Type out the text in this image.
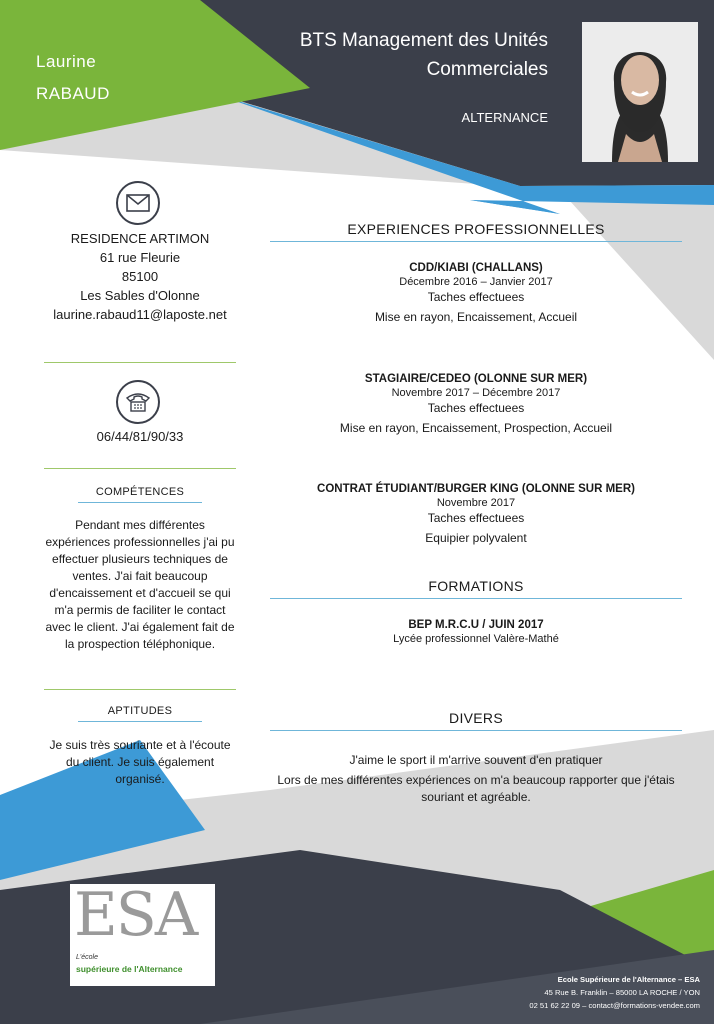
Laurine
RABAUD
BTS Management des Unités
Commerciales
ALTERNANCE
RESIDENCE ARTIMON
61 rue Fleurie
85100
Les Sables d'Olonne
laurine.rabaud11@laposte.net
06/44/81/90/33
COMPÉTENCES
Pendant mes différentes expériences professionnelles j'ai pu effectuer plusieurs techniques de ventes. J'ai fait beaucoup d'encaissement et d'accueil se qui m'a permis de faciliter le contact avec le client. J'ai également fait de la prospection téléphonique.
APTITUDES
Je suis très souriante et à l'écoute du client. Je suis également organisé.
EXPERIENCES PROFESSIONNELLES
CDD/KIABI (CHALLANS)
Décembre 2016 – Janvier 2017
Taches effectuees
Mise en rayon, Encaissement, Accueil
STAGIAIRE/CEDEO (OLONNE SUR MER)
Novembre 2017 – Décembre 2017
Taches effectuees
Mise en rayon, Encaissement, Prospection, Accueil
CONTRAT ÉTUDIANT/BURGER KING (OLONNE SUR MER)
Novembre 2017
Taches effectuees
Equipier polyvalent
FORMATIONS
BEP M.R.C.U / JUIN 2017
Lycée professionnel Valère-Mathé
DIVERS
J'aime le sport il m'arrive souvent d'en pratiquer
Lors de mes différentes expériences on m'a beaucoup rapporter que j'étais souriant et agréable.
ESA
L'école
supérieure de l'Alternance
Ecole Supérieure de l'Alternance – ESA
45 Rue B. Franklin – 85000 LA ROCHE / YON
02 51 62 22 09 – contact@formations-vendee.com
